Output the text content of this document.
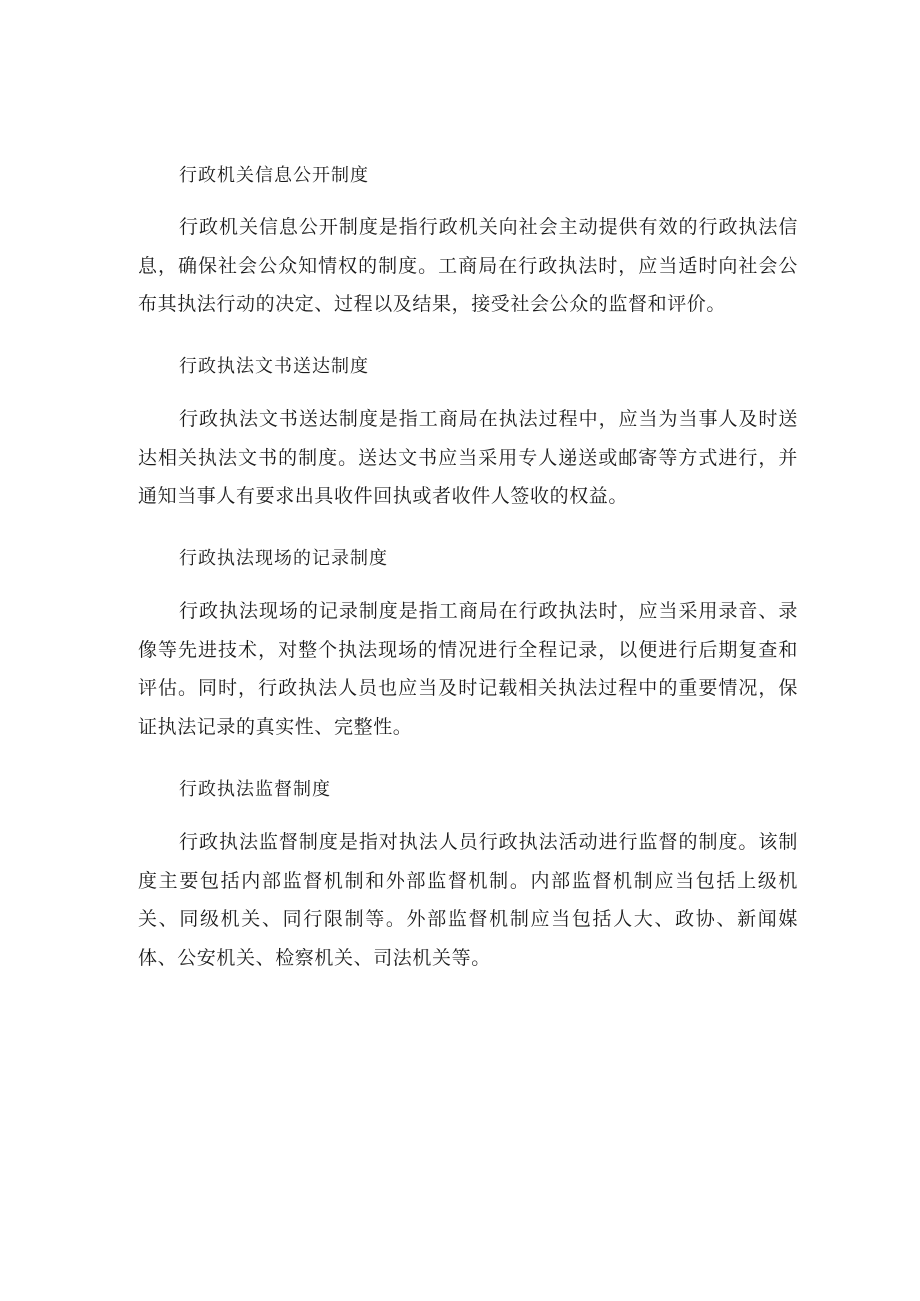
行政机关信息公开制度

行政机关信息公开制度是指行政机关向社会主动提供有效的行政执法信息，确保社会公众知情权的制度。工商局在行政执法时，应当适时向社会公布其执法行动的决定、过程以及结果，接受社会公众的监督和评价。

行政执法文书送达制度

行政执法文书送达制度是指工商局在执法过程中，应当为当事人及时送达相关执法文书的制度。送达文书应当采用专人递送或邮寄等方式进行，并通知当事人有要求出具收件回执或者收件人签收的权益。

行政执法现场的记录制度

行政执法现场的记录制度是指工商局在行政执法时，应当采用录音、录像等先进技术，对整个执法现场的情况进行全程记录，以便进行后期复查和评估。同时，行政执法人员也应当及时记载相关执法过程中的重要情况，保证执法记录的真实性、完整性。

行政执法监督制度

行政执法监督制度是指对执法人员行政执法活动进行监督的制度。该制度主要包括内部监督机制和外部监督机制。内部监督机制应当包括上级机关、同级机关、同行限制等。外部监督机制应当包括人大、政协、新闻媒体、公安机关、检察机关、司法机关等。
